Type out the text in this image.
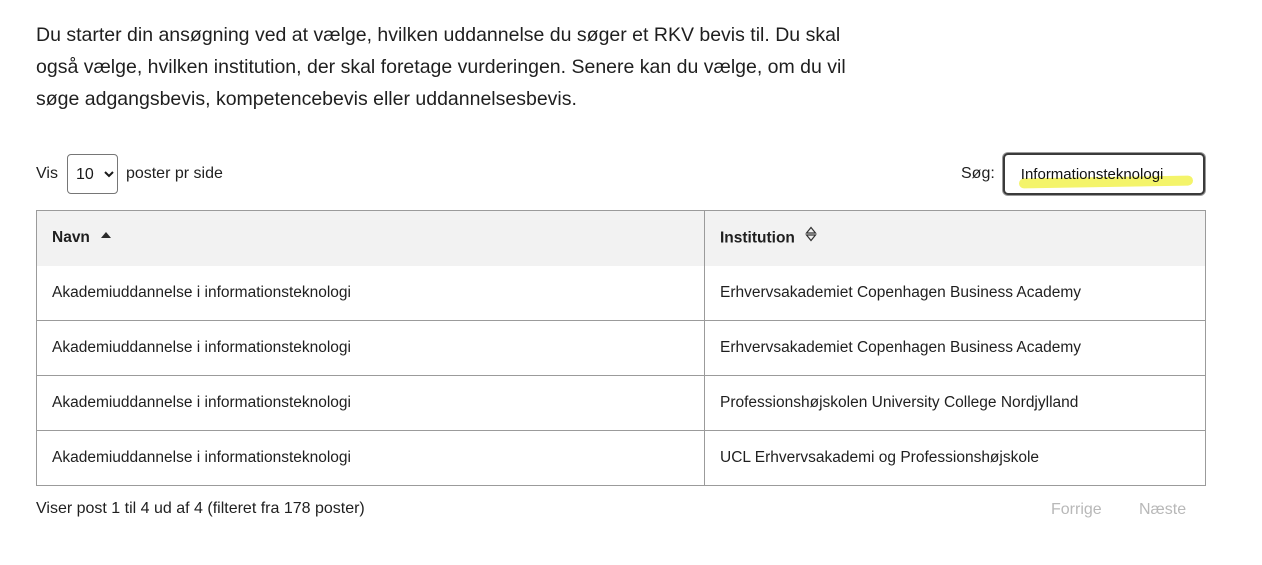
Du starter din ansøgning ved at vælge, hvilken uddannelse du søger et RKV bevis til. Du skal også vælge, hvilken institution, der skal foretage vurderingen. Senere kan du vælge, om du vil søge adgangsbevis, kompetencebevis eller uddannelsesbevis.

Vis
10	poster pr side	Søg:
Informationsteknologi
Navn	Institution
Akademiuddannelse i informationsteknologi	Erhvervsakademiet Copenhagen Business Academy
Akademiuddannelse i informationsteknologi	Erhvervsakademiet Copenhagen Business Academy
Akademiuddannelse i informationsteknologi	Professionshøjskolen University College Nordjylland
Akademiuddannelse i informationsteknologi	UCL Erhvervsakademi og Professionshøjskole
Viser post 1 til 4 ud af 4 (filteret fra 178 poster)	Forrige Næste
